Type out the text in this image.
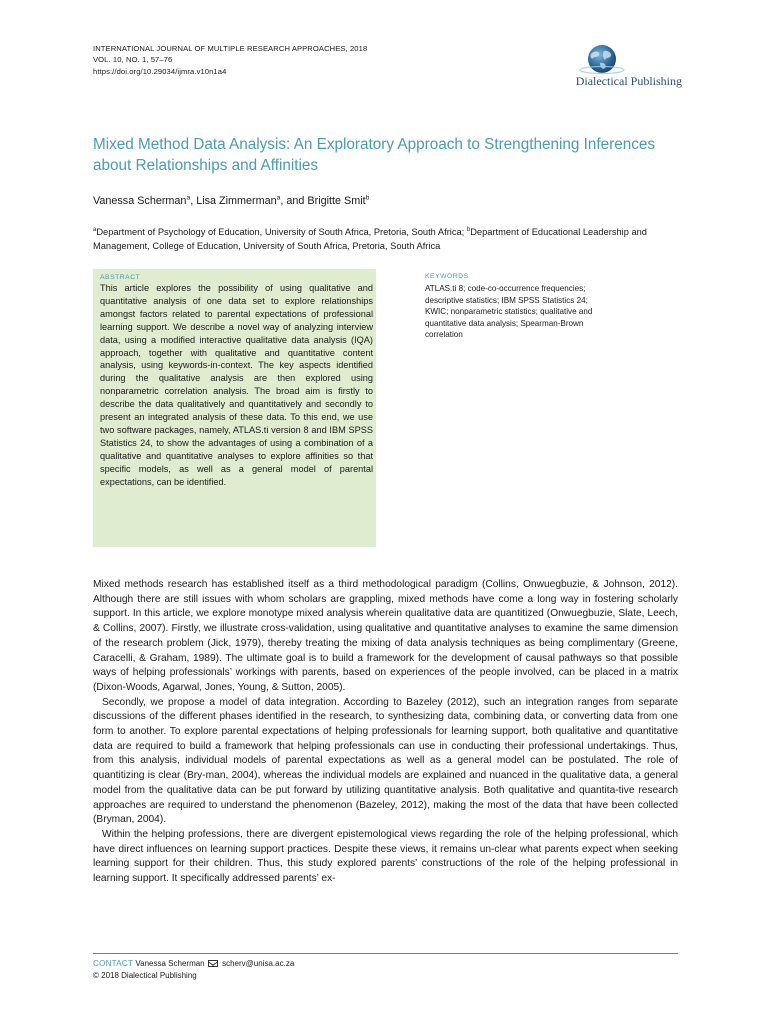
INTERNATIONAL JOURNAL OF MULTIPLE RESEARCH APPROACHES, 2018
VOL. 10, NO. 1, 57–76
https://doi.org/10.29034/ijmra.v10n1a4
Dialectical Publishing
Mixed Method Data Analysis: An Exploratory Approach to Strengthening Inferences about Relationships and Affinities
Vanessa Scherman$^a$, Lisa Zimmerman$^a$, and Brigitte Smit$^b$
$^a$Department of Psychology of Education, University of South Africa, Pretoria, South Africa; $^b$Department of Educational Leadership and Management, College of Education, University of South Africa, Pretoria, South Africa
ABSTRACT
This article explores the possibility of using qualitative and quantitative analysis of one data set to explore relationships amongst factors related to parental expectations of professional learning support. We describe a novel way of analyzing interview data, using a modified interactive qualitative data analysis (IQA) approach, together with qualitative and quantitative content analysis, using keywords-in-context. The key aspects identified during the qualitative analysis are then explored using nonparametric correlation analysis. The broad aim is firstly to describe the data qualitatively and quantitatively and secondly to present an integrated analysis of these data. To this end, we use two software packages, namely, ATLAS.ti version 8 and IBM SPSS Statistics 24, to show the advantages of using a combination of a qualitative and quantitative analyses to explore affinities so that specific models, as well as a general model of parental expectations, can be identified.
KEYWORDS
ATLAS.ti 8; code-co-occurrence frequencies; descriptive statistics; IBM SPSS Statistics 24; KWIC; nonparametric statistics; qualitative and quantitative data analysis; Spearman-Brown correlation

Mixed methods research has established itself as a third methodological paradigm (Collins, Onwuegbuzie, & Johnson, 2012). Although there are still issues with whom scholars are grappling, mixed methods have come a long way in fostering scholarly support. In this article, we explore monotype mixed analysis wherein qualitative data are quantitized (Onwuegbuzie, Slate, Leech, & Collins, 2007). Firstly, we illustrate cross-validation, using qualitative and quantitative analyses to examine the same dimension of the research problem (Jick, 1979), thereby treating the mixing of data analysis techniques as being complimentary (Greene, Caracelli, & Graham, 1989). The ultimate goal is to build a framework for the development of causal pathways so that possible ways of helping professionals’ workings with parents, based on experiences of the people involved, can be placed in a matrix (Dixon-Woods, Agarwal, Jones, Young, & Sutton, 2005).

Secondly, we propose a model of data integration. According to Bazeley (2012), such an integration ranges from separate discussions of the different phases identified in the research, to synthesizing data, combining data, or converting data from one form to another. To explore parental expectations of helping professionals for learning support, both qualitative and quantitative data are required to build a framework that helping professionals can use in conducting their professional undertakings. Thus, from this analysis, individual models of parental expectations as well as a general model can be postulated. The role of quantitizing is clear (Bry-man, 2004), whereas the individual models are explained and nuanced in the qualitative data, a general model from the qualitative data can be put forward by utilizing quantitative analysis. Both qualitative and quantita-tive research approaches are required to understand the phenomenon (Bazeley, 2012), making the most of the data that have been collected (Bryman, 2004).

Within the helping professions, there are divergent epistemological views regarding the role of the helping professional, which have direct influences on learning support practices. Despite these views, it remains un-clear what parents expect when seeking learning support for their children. Thus, this study explored parents’ constructions of the role of the helping professional in learning support. It specifically addressed parents’ ex-

CONTACT Vanessa Scherman scherv@unisa.ac.za
© 2018 Dialectical Publishing
